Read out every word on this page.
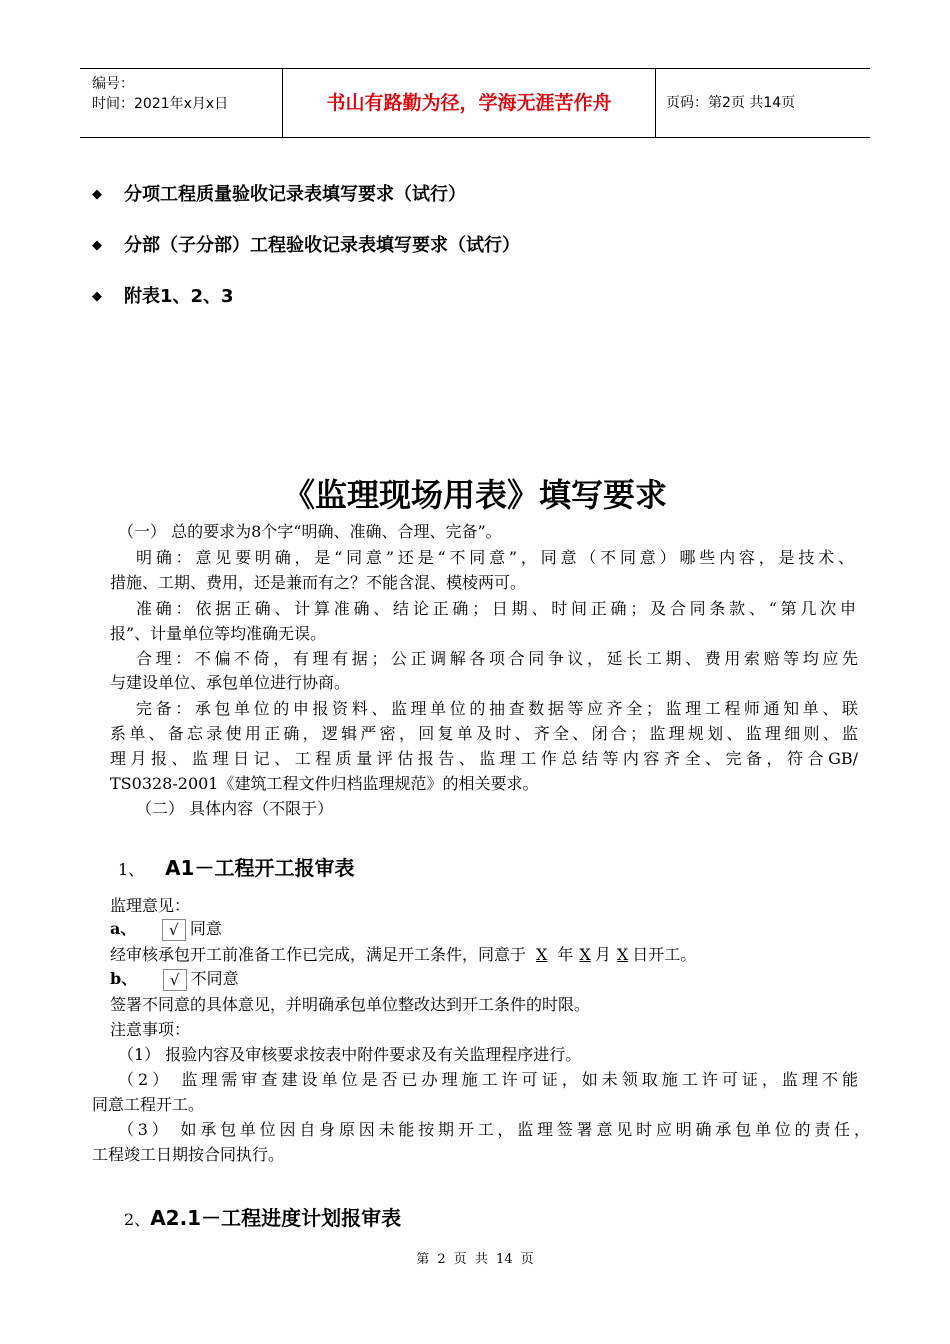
编号：
时间：2021年x月x日	书山有路勤为径，学海无涯苦作舟	页码：第2页 共14页
◆ 分项工程质量验收记录表填写要求（试行）
◆ 分部（子分部）工程验收记录表填写要求（试行）
◆ 附表1、2、3
《监理现场用表》填写要求
（一） 总的要求为8个字“明确、准确、合理、完备”。
明确：意见要明确，是“同意”还是“不同意”，同意（不同意）哪些内容，是技术、
措施、工期、费用，还是兼而有之？不能含混、模棱两可。
准确：依据正确、计算准确、结论正确；日期、时间正确；及合同条款、“第几次申
报”、计量单位等均准确无误。
合理：不偏不倚，有理有据；公正调解各项合同争议，延长工期、费用索赔等均应先
与建设单位、承包单位进行协商。
完备：承包单位的申报资料、监理单位的抽查数据等应齐全；监理工程师通知单、联
系单、备忘录使用正确，逻辑严密，回复单及时、齐全、闭合；监理规划、监理细则、监
理月报、监理日记、工程质量评估报告、监理工作总结等内容齐全、完备，符合GB/
TS0328-2001《建筑工程文件归档监理规范》的相关要求。
（二） 具体内容（不限于）
1、 A1－工程开工报审表
监理意见：
a、 √ 同意
经审核承包开工前准备工作已完成，满足开工条件，同意于 X 年 X 月 X 日开工。
b、 √ 不同意
签署不同意的具体意见，并明确承包单位整改达到开工条件的时限。
注意事项：
（1） 报验内容及审核要求按表中附件要求及有关监理程序进行。
（2） 监理需审查建设单位是否已办理施工许可证，如未领取施工许可证，监理不能
同意工程开工。
（3） 如承包单位因自身原因未能按期开工，监理签署意见时应明确承包单位的责任，
工程竣工日期按合同执行。
2、A2.1－工程进度计划报审表
第 2 页 共 14 页
